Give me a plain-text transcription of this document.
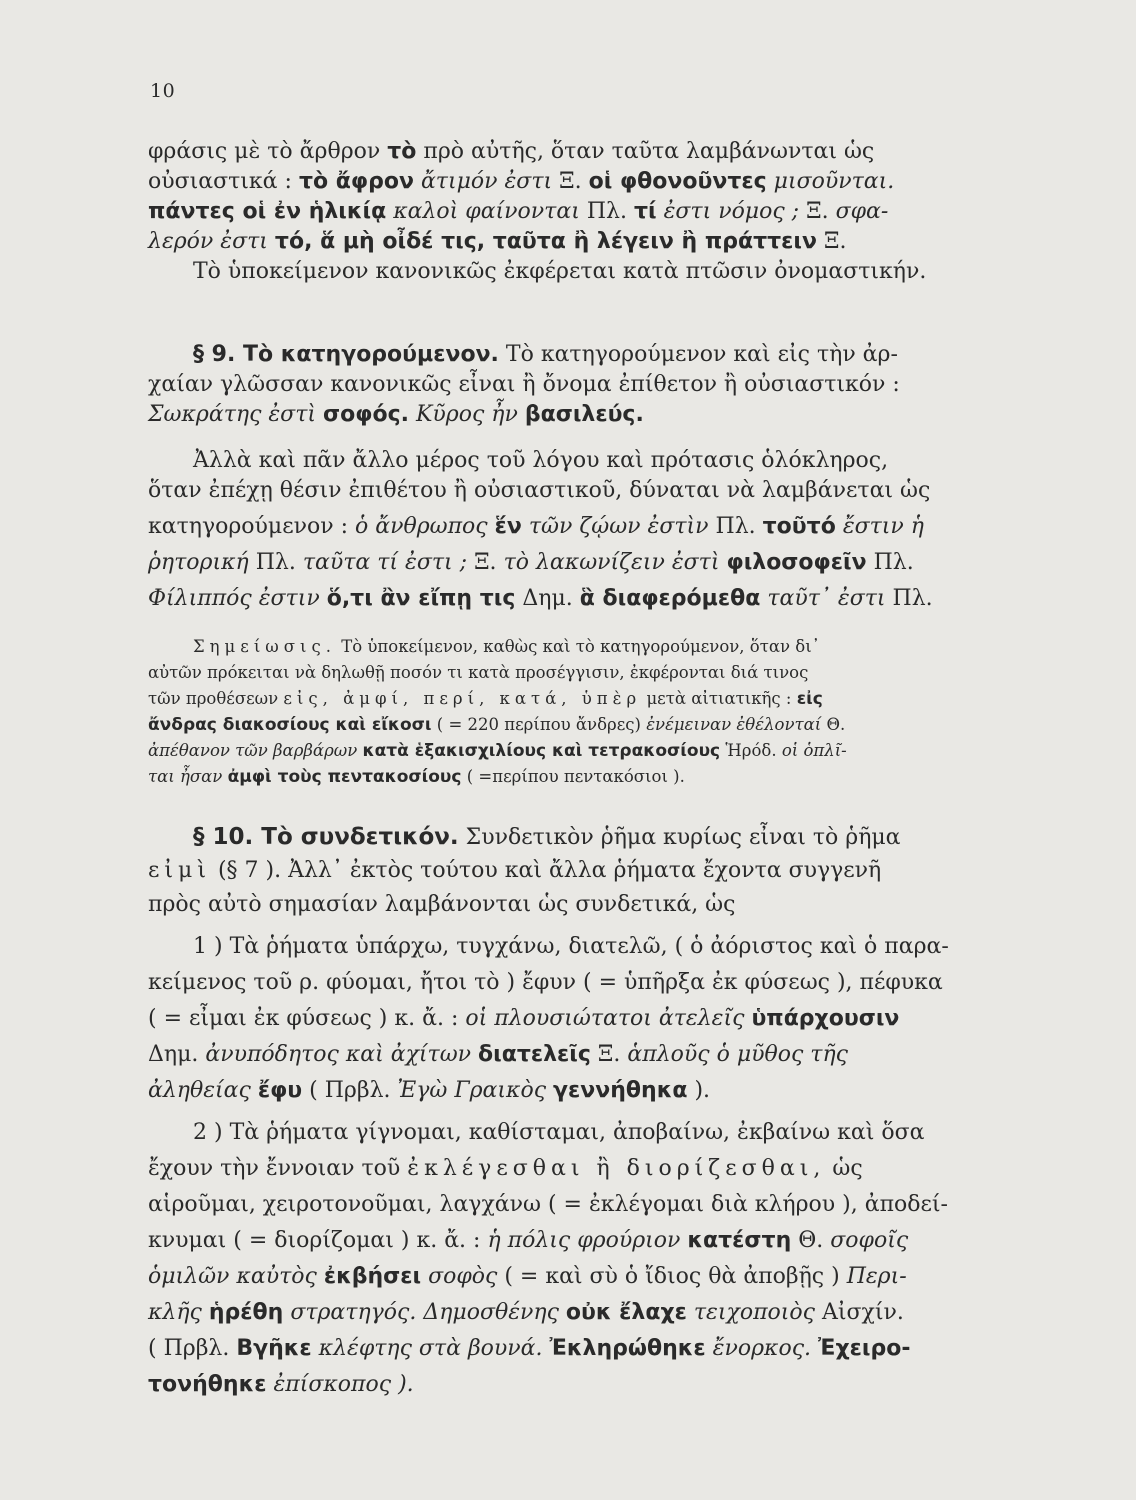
10
φράσις μὲ τὸ ἄρθρον τὸ πρὸ αὐτῆς, ὅταν ταῦτα λαμβάνωνται ὡς
οὐσιαστικά : τὸ ἄφρον ἄτιμόν ἐστι Ξ. οἱ φθονοῦντες μισοῦνται.
πάντες οἱ ἐν ἡλικίᾳ καλοὶ φαίνονται Πλ. τί ἐστι νόμος ; Ξ. σφα-
λερόν ἐστι τό, ἅ μὴ οἶδέ τις, ταῦτα ἢ λέγειν ἢ πράττειν Ξ.
Τὸ ὑποκείμενον κανονικῶς ἐκφέρεται κατὰ πτῶσιν ὀνομαστικήν.
§ 9. Τὸ κατηγορούμενον. Τὸ κατηγορούμενον καὶ εἰς τὴν ἀρ-
χαίαν γλῶσσαν κανονικῶς εἶναι ἢ ὄνομα ἐπίθετον ἢ οὐσιαστικόν :
Σωκράτης ἐστὶ σοφός. Κῦρος ἦν βασιλεύς.
Ἀλλὰ καὶ πᾶν ἄλλο μέρος τοῦ λόγου καὶ πρότασις ὁλόκληρος,
ὅταν ἐπέχῃ θέσιν ἐπιθέτου ἢ οὐσιαστικοῦ, δύναται νὰ λαμβάνεται ὡς
κατηγορούμενον : ὁ ἄνθρωπος ἕν τῶν ζῴων ἐστὶν Πλ. τοῦτό ἔστιν ἡ
ῥητορική Πλ. ταῦτα τί ἐστι ; Ξ. τὸ λακωνίζειν ἐστὶ φιλοσοφεῖν Πλ.
Φίλιππός ἐστιν ὅ,τι ἂν εἴπῃ τις Δημ. ἃ διαφερόμεθα ταῦτ᾽ ἐστι Πλ.
Σημείωσις. Τὸ ὑποκείμενον, καθὼς καὶ τὸ κατηγορούμενον, ὅταν δι᾽
αὐτῶν πρόκειται νὰ δηλωθῇ ποσόν τι κατὰ προσέγγισιν, ἐκφέρονται διά τινος
τῶν προθέσεων εἰς, ἀμφί, περί, κατά, ὑπὲρ μετὰ αἰτιατικῆς : εἰς
ἄνδρας διακοσίους καὶ εἴκοσι ( = 220 περίπου ἄνδρες) ἐνέμειναν ἐθέλονταί Θ.
ἀπέθανον τῶν βαρβάρων κατὰ ἑξακισχιλίους καὶ τετρακοσίους Ἡρόδ. οἱ ὁπλῖ-
ται ἦσαν ἀμφὶ τοὺς πεντακοσίους ( =περίπου πεντακόσιοι ).
§ 10. Τὸ συνδετικόν. Συνδετικὸν ῥῆμα κυρίως εἶναι τὸ ῥῆμα
εἰμὶ (§ 7 ). Ἀλλ᾽ ἐκτὸς τούτου καὶ ἄλλα ῥήματα ἔχοντα συγγενῆ
πρὸς αὐτὸ σημασίαν λαμβάνονται ὡς συνδετικά, ὡς
1 ) Τὰ ῥήματα ὑπάρχω, τυγχάνω, διατελῶ, ( ὁ ἀόριστος καὶ ὁ παρα-
κείμενος τοῦ ρ. φύομαι, ἤτοι τὸ ) ἔφυν ( = ὑπῆρξα ἐκ φύσεως ), πέφυκα
( = εἶμαι ἐκ φύσεως ) κ. ἄ. : οἱ πλουσιώτατοι ἀτελεῖς ὑπάρχουσιν
Δημ. ἀνυπόδητος καὶ ἀχίτων διατελεῖς Ξ. ἁπλοῦς ὁ μῦθος τῆς
ἀληθείας ἔφυ ( Πρβλ. Ἐγὼ Γραικὸς γεννήθηκα ).
2 ) Τὰ ῥήματα γίγνομαι, καθίσταμαι, ἀποβαίνω, ἐκβαίνω καὶ ὅσα
ἔχουν τὴν ἔννοιαν τοῦ ἐκλέγεσθαι ἢ διορίζεσθαι, ὡς
αἱροῦμαι, χειροτονοῦμαι, λαγχάνω ( = ἐκλέγομαι διὰ κλήρου ), ἀποδεί-
κνυμαι ( = διορίζομαι ) κ. ἄ. : ἡ πόλις φρούριον κατέστη Θ. σοφοῖς
ὁμιλῶν καὐτὸς ἐκβήσει σοφὸς ( = καὶ σὺ ὁ ἴδιος θὰ ἀποβῇς ) Περι-
κλῆς ἡρέθη στρατηγός. Δημοσθένης οὐκ ἔλαχε τειχοποιὸς Αἰσχίν.
( Πρβλ. Βγῆκε κλέφτης στὰ βουνά. Ἐκληρώθηκε ἔνορκος. Ἐχειρο-
τονήθηκε ἐπίσκοπος ).
